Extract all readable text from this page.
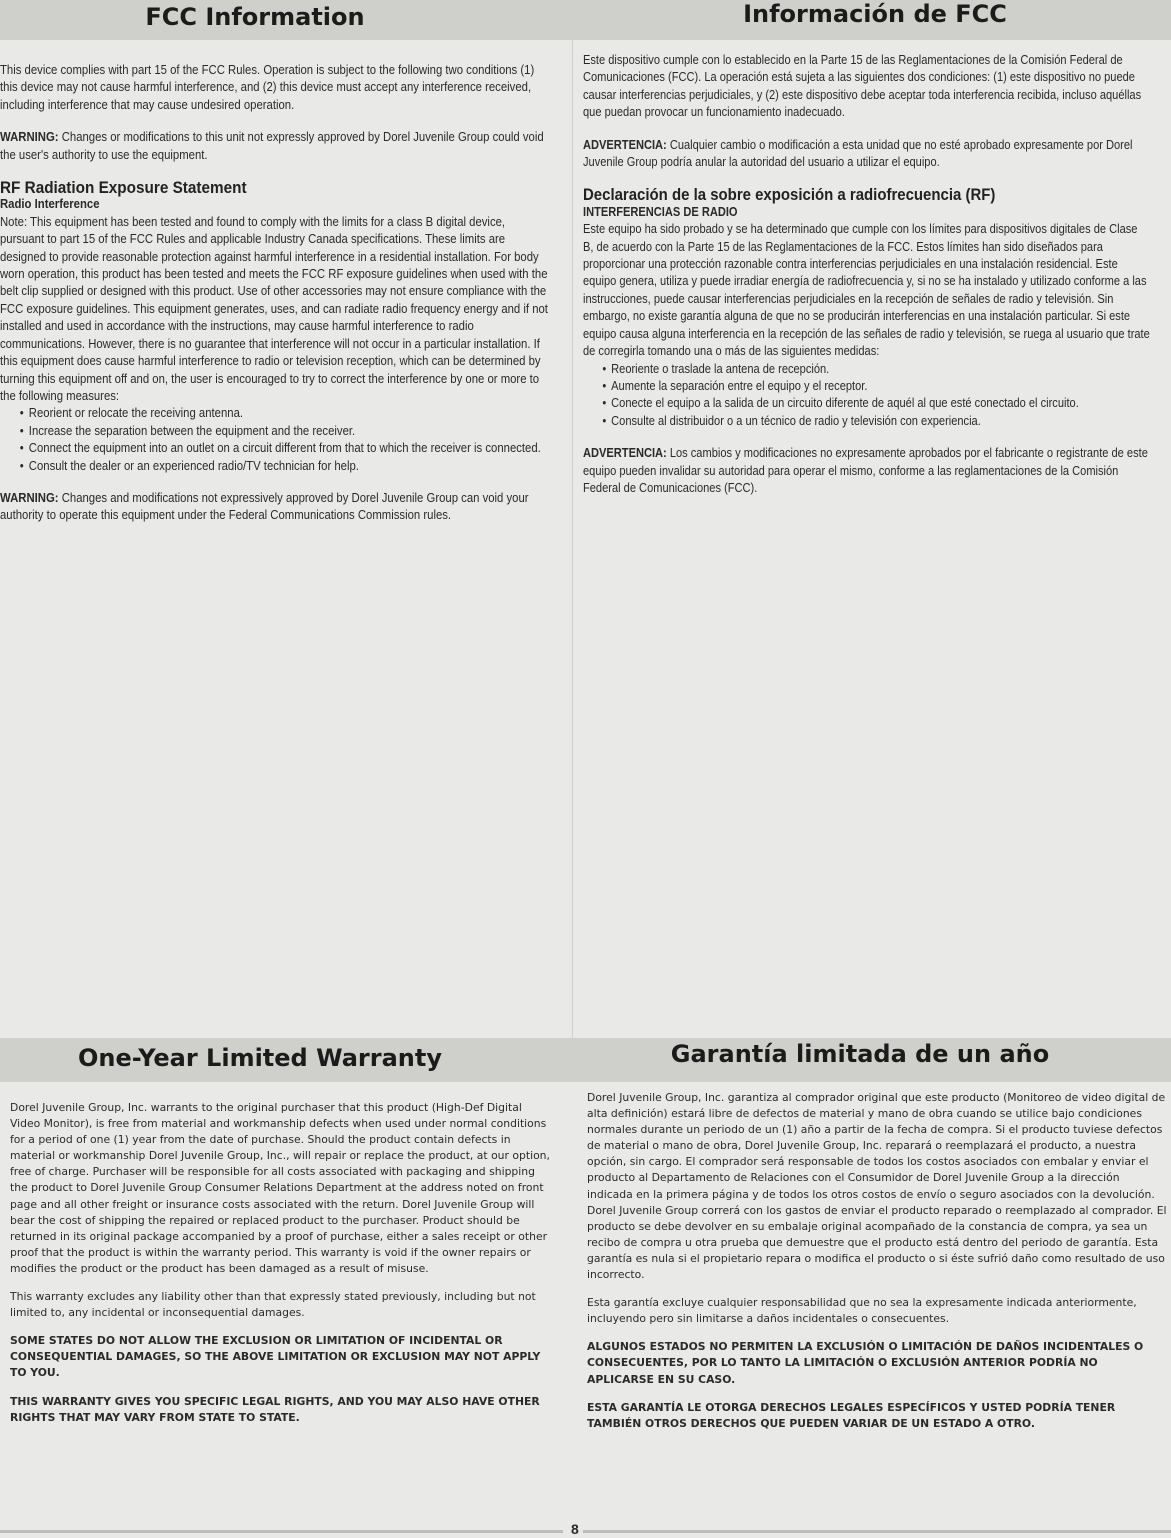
FCC Information	Información de FCC

This device complies with part 15 of the FCC Rules. Operation is subject to the following two conditions (1) this device may not cause harmful interference, and (2) this device must accept any interference received, including interference that may cause undesired operation.

WARNING: Changes or modifications to this unit not expressly approved by Dorel Juvenile Group could void the user's authority to use the equipment.

RF Radiation Exposure Statement

Radio Interference

Note: This equipment has been tested and found to comply with the limits for a class B digital device, pursuant to part 15 of the FCC Rules and applicable Industry Canada specifications. These limits are designed to provide reasonable protection against harmful interference in a residential installation. For body worn operation, this product has been tested and meets the FCC RF exposure guidelines when used with the belt clip supplied or designed with this product. Use of other accessories may not ensure compliance with the FCC exposure guidelines. This equipment generates, uses, and can radiate radio frequency energy and if not installed and used in accordance with the instructions, may cause harmful interference to radio communications. However, there is no guarantee that interference will not occur in a particular installation. If this equipment does cause harmful interference to radio or television reception, which can be determined by turning this equipment off and on, the user is encouraged to try to correct the interference by one or more to the following measures:

• Reorient or relocate the receiving antenna.
• Increase the separation between the equipment and the receiver.
• Connect the equipment into an outlet on a circuit different from that to which the receiver is connected.
• Consult the dealer or an experienced radio/TV technician for help.

WARNING: Changes and modifications not expressively approved by Dorel Juvenile Group can void your authority to operate this equipment under the Federal Communications Commission rules.

Este dispositivo cumple con lo establecido en la Parte 15 de las Reglamentaciones de la Comisión Federal de Comunicaciones (FCC). La operación está sujeta a las siguientes dos condiciones: (1) este dispositivo no puede causar interferencias perjudiciales, y (2) este dispositivo debe aceptar toda interferencia recibida, incluso aquéllas que puedan provocar un funcionamiento inadecuado.

ADVERTENCIA: Cualquier cambio o modificación a esta unidad que no esté aprobado expresamente por Dorel Juvenile Group podría anular la autoridad del usuario a utilizar el equipo.

Declaración de la sobre exposición a radiofrecuencia (RF)

INTERFERENCIAS DE RADIO

Este equipo ha sido probado y se ha determinado que cumple con los límites para dispositivos digitales de Clase B, de acuerdo con la Parte 15 de las Reglamentaciones de la FCC. Estos límites han sido diseñados para proporcionar una protección razonable contra interferencias perjudiciales en una instalación residencial. Este equipo genera, utiliza y puede irradiar energía de radiofrecuencia y, si no se ha instalado y utilizado conforme a las instrucciones, puede causar interferencias perjudiciales en la recepción de señales de radio y televisión. Sin embargo, no existe garantía alguna de que no se producirán interferencias en una instalación particular. Si este equipo causa alguna interferencia en la recepción de las señales de radio y televisión, se ruega al usuario que trate de corregirla tomando una o más de las siguientes medidas:

• Reoriente o traslade la antena de recepción.
• Aumente la separación entre el equipo y el receptor.
• Conecte el equipo a la salida de un circuito diferente de aquél al que esté conectado el circuito.
• Consulte al distribuidor o a un técnico de radio y televisión con experiencia.

ADVERTENCIA: Los cambios y modificaciones no expresamente aprobados por el fabricante o registrante de este equipo pueden invalidar su autoridad para operar el mismo, conforme a las reglamentaciones de la Comisión Federal de Comunicaciones (FCC).

One-Year Limited Warranty	Garantía limitada de un año

Dorel Juvenile Group, Inc. warrants to the original purchaser that this product (High-Def Digital Video Monitor), is free from material and workmanship defects when used under normal conditions for a period of one (1) year from the date of purchase. Should the product contain defects in material or workmanship Dorel Juvenile Group, Inc., will repair or replace the product, at our option, free of charge. Purchaser will be responsible for all costs associated with packaging and shipping the product to Dorel Juvenile Group Consumer Relations Department at the address noted on front page and all other freight or insurance costs associated with the return. Dorel Juvenile Group will bear the cost of shipping the repaired or replaced product to the purchaser. Product should be returned in its original package accompanied by a proof of purchase, either a sales receipt or other proof that the product is within the warranty period. This warranty is void if the owner repairs or modifies the product or the product has been damaged as a result of misuse.

This warranty excludes any liability other than that expressly stated previously, including but not limited to, any incidental or inconsequential damages.

SOME STATES DO NOT ALLOW THE EXCLUSION OR LIMITATION OF INCIDENTAL OR CONSEQUENTIAL DAMAGES, SO THE ABOVE LIMITATION OR EXCLUSION MAY NOT APPLY TO YOU.

THIS WARRANTY GIVES YOU SPECIFIC LEGAL RIGHTS, AND YOU MAY ALSO HAVE OTHER RIGHTS THAT MAY VARY FROM STATE TO STATE.

Dorel Juvenile Group, Inc. garantiza al comprador original que este producto (Monitoreo de video digital de alta definición) estará libre de defectos de material y mano de obra cuando se utilice bajo condiciones normales durante un periodo de un (1) año a partir de la fecha de compra. Si el producto tuviese defectos de material o mano de obra, Dorel Juvenile Group, Inc. reparará o reemplazará el producto, a nuestra opción, sin cargo. El comprador será responsable de todos los costos asociados con embalar y enviar el producto al Departamento de Relaciones con el Consumidor de Dorel Juvenile Group a la dirección indicada en la primera página y de todos los otros costos de envío o seguro asociados con la devolución. Dorel Juvenile Group correrá con los gastos de enviar el producto reparado o reemplazado al comprador. El producto se debe devolver en su embalaje original acompañado de la constancia de compra, ya sea un recibo de compra u otra prueba que demuestre que el producto está dentro del periodo de garantía. Esta garantía es nula si el propietario repara o modifica el producto o si éste sufrió daño como resultado de uso incorrecto.

Esta garantía excluye cualquier responsabilidad que no sea la expresamente indicada anteriormente, incluyendo pero sin limitarse a daños incidentales o consecuentes.

ALGUNOS ESTADOS NO PERMITEN LA EXCLUSIÓN O LIMITACIÓN DE DAÑOS INCIDENTALES O CONSECUENTES, POR LO TANTO LA LIMITACIÓN O EXCLUSIÓN ANTERIOR PODRÍA NO APLICARSE EN SU CASO.

ESTA GARANTÍA LE OTORGA DERECHOS LEGALES ESPECÍFICOS Y USTED PODRÍA TENER TAMBIÉN OTROS DERECHOS QUE PUEDEN VARIAR DE UN ESTADO A OTRO.

8
